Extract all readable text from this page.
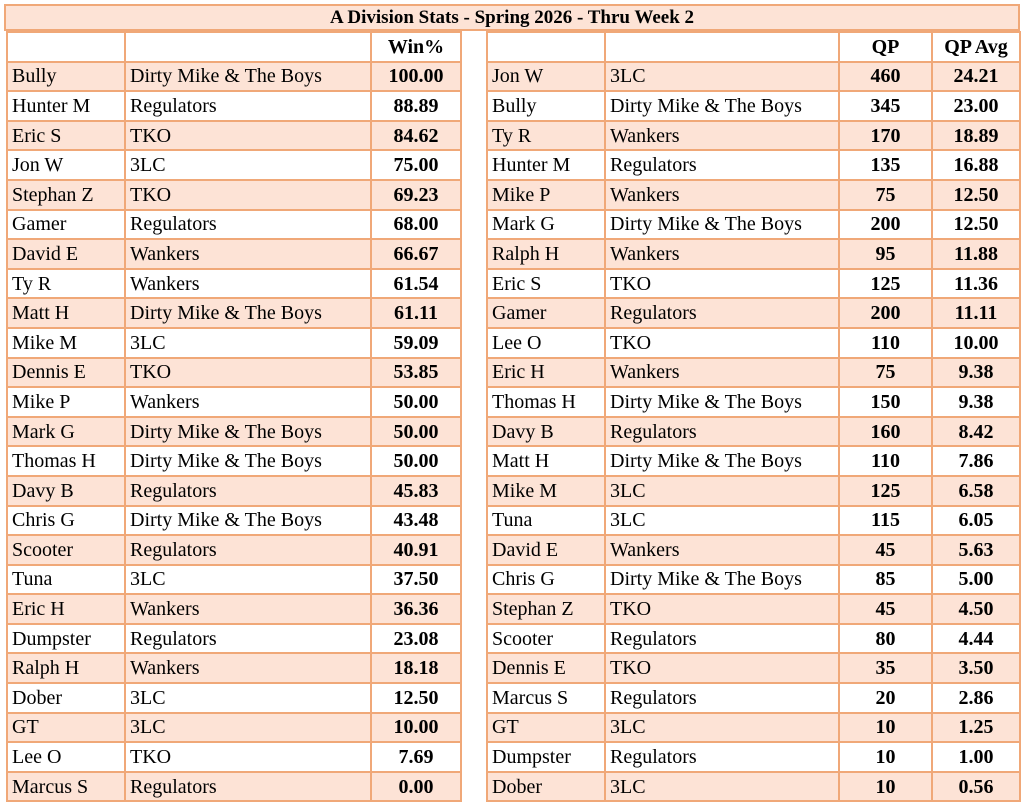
A Division Stats - Spring 2026 - Thru Week 2
		Win%
Bully	Dirty Mike & The Boys	100.00
Hunter M	Regulators	88.89
Eric S	TKO	84.62
Jon W	3LC	75.00
Stephan Z	TKO	69.23
Gamer	Regulators	68.00
David E	Wankers	66.67
Ty R	Wankers	61.54
Matt H	Dirty Mike & The Boys	61.11
Mike M	3LC	59.09
Dennis E	TKO	53.85
Mike P	Wankers	50.00
Mark G	Dirty Mike & The Boys	50.00
Thomas H	Dirty Mike & The Boys	50.00
Davy B	Regulators	45.83
Chris G	Dirty Mike & The Boys	43.48
Scooter	Regulators	40.91
Tuna	3LC	37.50
Eric H	Wankers	36.36
Dumpster	Regulators	23.08
Ralph H	Wankers	18.18
Dober	3LC	12.50
GT	3LC	10.00
Lee O	TKO	7.69
Marcus S	Regulators	0.00
		QP	QP Avg
Jon W	3LC	460	24.21
Bully	Dirty Mike & The Boys	345	23.00
Ty R	Wankers	170	18.89
Hunter M	Regulators	135	16.88
Mike P	Wankers	75	12.50
Mark G	Dirty Mike & The Boys	200	12.50
Ralph H	Wankers	95	11.88
Eric S	TKO	125	11.36
Gamer	Regulators	200	11.11
Lee O	TKO	110	10.00
Eric H	Wankers	75	9.38
Thomas H	Dirty Mike & The Boys	150	9.38
Davy B	Regulators	160	8.42
Matt H	Dirty Mike & The Boys	110	7.86
Mike M	3LC	125	6.58
Tuna	3LC	115	6.05
David E	Wankers	45	5.63
Chris G	Dirty Mike & The Boys	85	5.00
Stephan Z	TKO	45	4.50
Scooter	Regulators	80	4.44
Dennis E	TKO	35	3.50
Marcus S	Regulators	20	2.86
GT	3LC	10	1.25
Dumpster	Regulators	10	1.00
Dober	3LC	10	0.56
